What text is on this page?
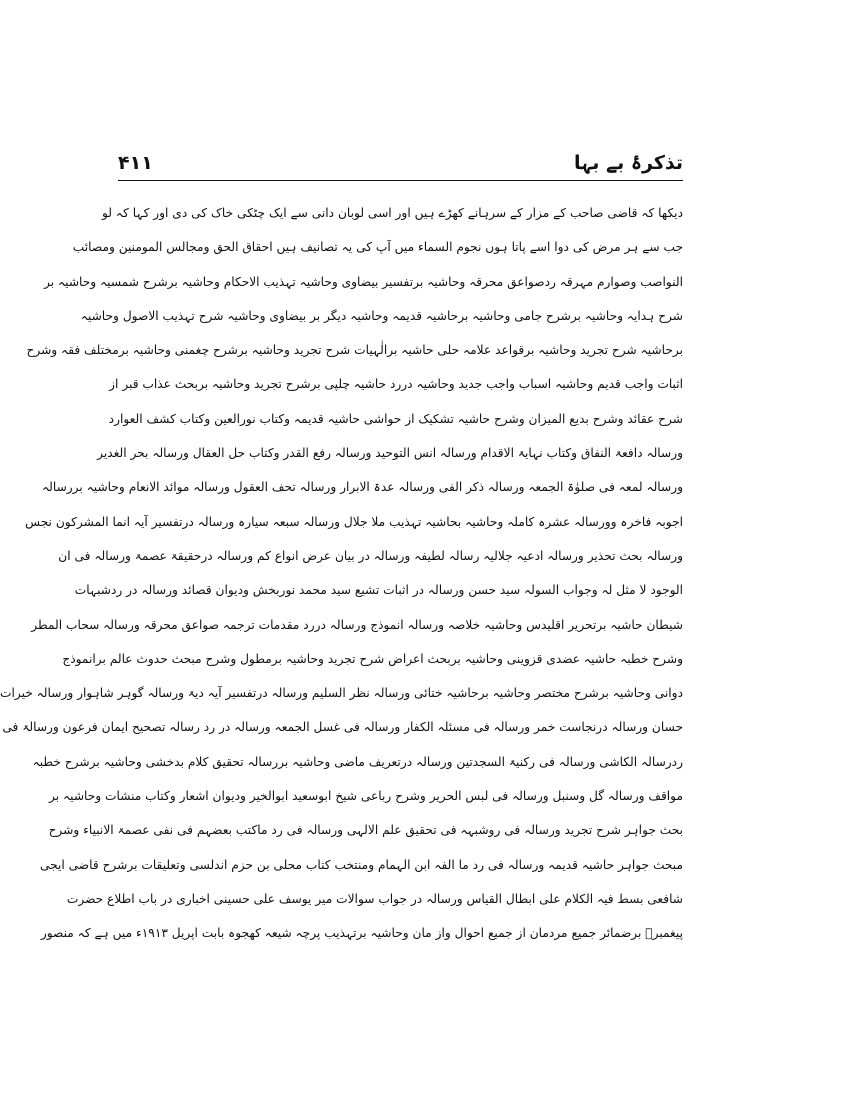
تذکرۂ بے بہا
۴۱۱
دیکھا کہ قاضی صاحب کے مزار کے سرہانے کھڑے ہیں اور اسی لوبان دانی سے ایک چٹکی خاک کی دی اور کہا کہ لو
جب سے ہر مرض کی دوا اسے پاتا ہوں نجوم السماء میں آپ کی یہ تصانیف ہیں احقاق الحق ومجالس المومنین ومصائب
النواصب وصوارم مہرقہ ردصواعق محرقہ وحاشیہ برتفسیر بیضاوی وحاشیہ تہذیب الاحکام وحاشیہ برشرح شمسیہ وحاشیہ بر
شرح ہدایہ وحاشیہ برشرح جامی وحاشیہ برحاشیہ قدیمہ وحاشیہ دیگر بر بیضاوی وحاشیہ شرح تہذیب الاصول وحاشیہ
برحاشیہ شرح تجرید وحاشیہ برقواعد علامہ حلی حاشیہ برالٰہیات شرح تجرید وحاشیہ برشرح چغمنی وحاشیہ برمختلف فقہ وشرح
اثبات واجب قدیم وحاشیہ اسباب واجب جدید وحاشیہ دررد حاشیہ چلپی برشرح تجرید وحاشیہ بربحث عذاب قبر از
شرح عقائد وشرح بدیع المیزان وشرح حاشیہ تشکیک از حواشی حاشیہ قدیمہ وکتاب نورالعین وکتاب کشف العوارد
ورسالہ دافعۃ النفاق وکتاب نہایۃ الاقدام ورسالہ انس التوحید ورسالہ رفع القدر وکتاب حل العقال ورسالہ بحر الغدیر
ورسالہ لمعہ فی صلوٰۃ الجمعہ ورسالہ ذکر الفی ورسالہ عدۃ الابرار ورسالہ تحف العقول ورسالہ موائد الانعام وحاشیہ بررسالہ
اجوبہ فاخرہ وورسالہ عشرہ کاملہ وحاشیہ بحاشیہ تہذیب ملا جلال ورسالہ سبعہ سیارہ ورسالہ درتفسیر آیہ انما المشرکون نجس
ورسالہ بحث تحذیر ورسالہ ادعیہ جلالیہ رسالہ لطیفہ ورسالہ در بیان عرض انواع کم ورسالہ درحقیقۃ عصمۃ ورسالہ فی ان
الوجود لا مثل لہ وجواب السولہ سید حسن ورسالہ در اثبات تشیع سید محمد نوربخش ودیوان قصائد ورسالہ در ردشبہات
شیطان حاشیہ برتحریر اقلیدس وحاشیہ خلاصہ ورسالہ انموذج ورسالہ دررد مقدمات ترجمہ صواعق محرقہ ورسالہ سحاب المطر
وشرح خطبہ حاشیہ عضدی قزوینی وحاشیہ بربحث اعراض شرح تجرید وحاشیہ برمطول وشرح مبحث حدوث عالم برانموذج
دوانی وحاشیہ برشرح مختصر وحاشیہ برحاشیہ ختائی ورسالہ نظر السلیم ورسالہ درتفسیر آیہ دیۃ ورسالہ گوہر شاہوار ورسالہ خیرات
حسان ورسالہ درنجاست خمر ورسالہ فی مسئلہ الکفار ورسالہ فی غسل الجمعہ ورسالہ در رد رسالہ تصحیح ایمان فرعون ورسالۃ فی
ردرسالہ الکاشی ورسالہ فی رکنیۃ السجدتین ورسالہ درتعریف ماضی وحاشیہ بررسالہ تحقیق کلام بدخشی وحاشیہ برشرح خطبہ
مواقف ورسالہ گل وسنبل ورسالہ فی لبس الحریر وشرح رباعی شیخ ابوسعید ابوالخیر ودیوان اشعار وکتاب منشات وحاشیہ بر
بحث جواہر شرح تجرید ورسالہ فی روشبہہ فی تحقیق علم الالہی ورسالہ فی رد ماکتب بعضہم فی نفی عصمۃ الانبیاء وشرح
مبحث جواہر حاشیہ قدیمہ ورسالہ فی رد ما الفہ ابن الہمام ومنتخب کتاب محلی بن حزم اندلسی وتعلیقات برشرح قاضی ایجی
شافعی بسط فیہ الکلام علی ابطال القیاس ورسالہ در جواب سوالات میر یوسف علی حسینی اخباری در باب اطلاع حضرت
پیغمبرؐ برضمائر جمیع مردمان از جمیع احوال واز مان وحاشیہ برتہذیب پرچہ شیعہ کھجوہ بابت اپریل ۱۹۱۳ء میں ہے کہ منصور
